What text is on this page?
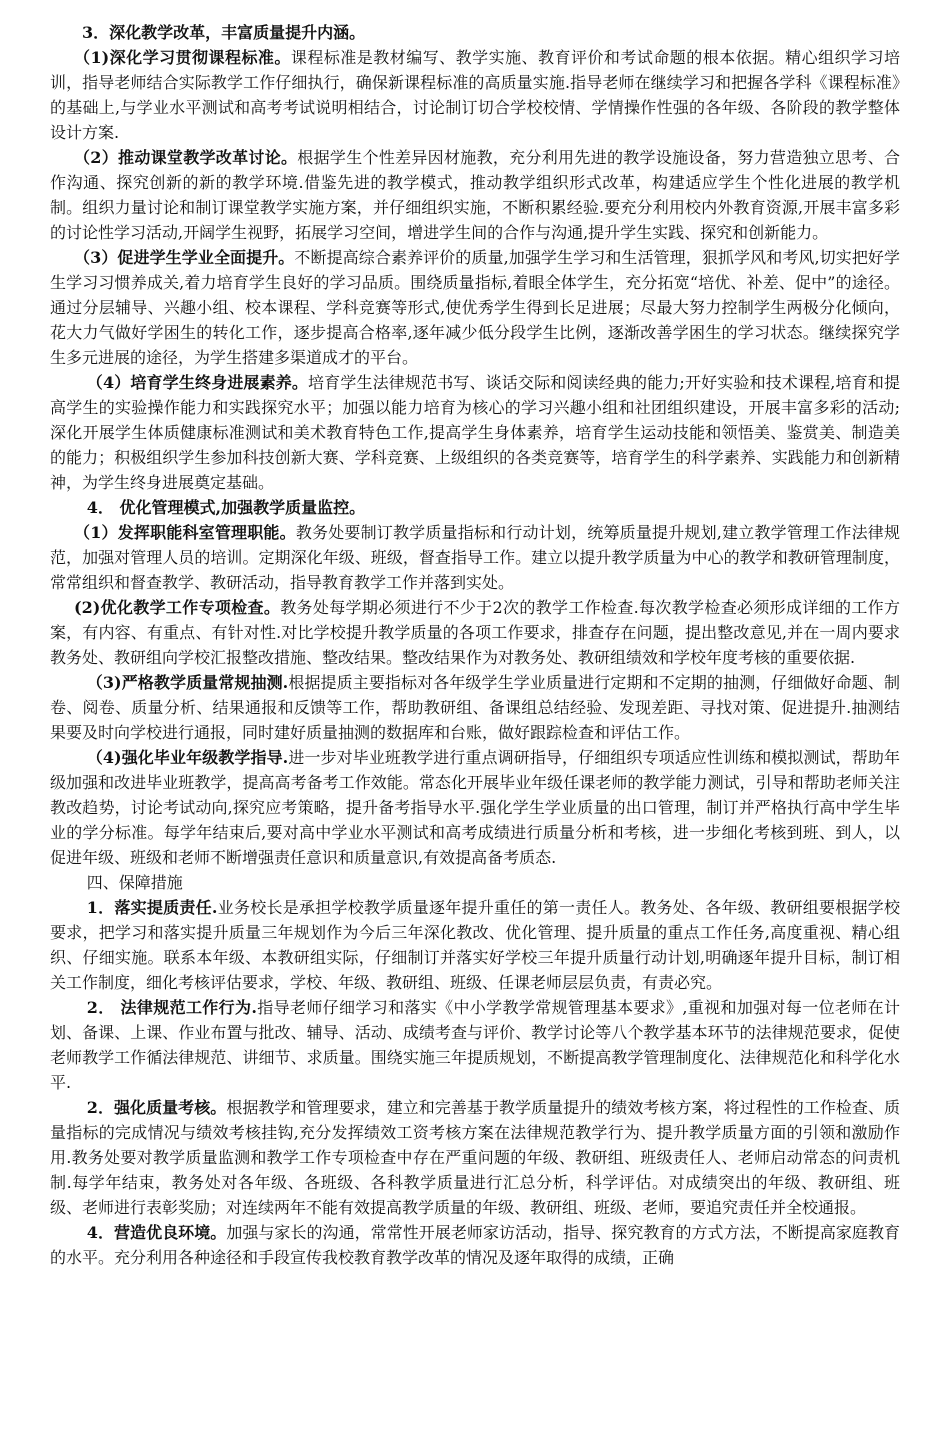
3．深化教学改革，丰富质量提升内涵。

（1)深化学习贯彻课程标准。课程标准是教材编写、教学实施、教育评价和考试命题的根本依据。精心组织学习培训，指导老师结合实际教学工作仔细执行，确保新课程标准的高质量实施.指导老师在继续学习和把握各学科《课程标准》的基础上,与学业水平测试和高考考试说明相结合，讨论制订切合学校校情、学情操作性强的各年级、各阶段的教学整体设计方案.

（2）推动课堂教学改革讨论。根据学生个性差异因材施教，充分利用先进的教学设施设备，努力营造独立思考、合作沟通、探究创新的新的教学环境.借鉴先进的教学模式，推动教学组织形式改革，构建适应学生个性化进展的教学机制。组织力量讨论和制订课堂教学实施方案，并仔细组织实施，不断积累经验.要充分利用校内外教育资源,开展丰富多彩的讨论性学习活动,开阔学生视野，拓展学习空间，增进学生间的合作与沟通,提升学生实践、探究和创新能力。

（3）促进学生学业全面提升。不断提高综合素养评价的质量,加强学生学习和生活管理，狠抓学风和考风,切实把好学生学习习惯养成关,着力培育学生良好的学习品质。围绕质量指标,着眼全体学生，充分拓宽“培优、补差、促中”的途径。通过分层辅导、兴趣小组、校本课程、学科竞赛等形式,使优秀学生得到长足进展；尽最大努力控制学生两极分化倾向，花大力气做好学困生的转化工作，逐步提高合格率,逐年减少低分段学生比例，逐渐改善学困生的学习状态。继续探究学生多元进展的途径，为学生搭建多渠道成才的平台。

（4）培育学生终身进展素养。培育学生法律规范书写、谈话交际和阅读经典的能力;开好实验和技术课程,培育和提高学生的实验操作能力和实践探究水平；加强以能力培育为核心的学习兴趣小组和社团组织建设，开展丰富多彩的活动;深化开展学生体质健康标准测试和美术教育特色工作,提高学生身体素养，培育学生运动技能和领悟美、鉴赏美、制造美的能力；积极组织学生参加科技创新大赛、学科竞赛、上级组织的各类竞赛等，培育学生的科学素养、实践能力和创新精神，为学生终身进展奠定基础。

4． 优化管理模式,加强教学质量监控。

（1）发挥职能科室管理职能。教务处要制订教学质量指标和行动计划，统筹质量提升规划,建立教学管理工作法律规范，加强对管理人员的培训。定期深化年级、班级，督查指导工作。建立以提升教学质量为中心的教学和教研管理制度，常常组织和督查教学、教研活动，指导教育教学工作并落到实处。

(2)优化教学工作专项检查。教务处每学期必须进行不少于2次的教学工作检查.每次教学检查必须形成详细的工作方案，有内容、有重点、有针对性.对比学校提升教学质量的各项工作要求，排查存在问题，提出整改意见,并在一周内要求教务处、教研组向学校汇报整改措施、整改结果。整改结果作为对教务处、教研组绩效和学校年度考核的重要依据.

（3)严格教学质量常规抽测.根据提质主要指标对各年级学生学业质量进行定期和不定期的抽测，仔细做好命题、制卷、阅卷、质量分析、结果通报和反馈等工作，帮助教研组、备课组总结经验、发现差距、寻找对策、促进提升.抽测结果要及时向学校进行通报，同时建好质量抽测的数据库和台账，做好跟踪检查和评估工作。

（4)强化毕业年级教学指导.进一步对毕业班教学进行重点调研指导，仔细组织专项适应性训练和模拟测试，帮助年级加强和改进毕业班教学，提高高考备考工作效能。常态化开展毕业年级任课老师的教学能力测试，引导和帮助老师关注教改趋势，讨论考试动向,探究应考策略，提升备考指导水平.强化学生学业质量的出口管理，制订并严格执行高中学生毕业的学分标准。每学年结束后,要对高中学业水平测试和高考成绩进行质量分析和考核，进一步细化考核到班、到人，以促进年级、班级和老师不断增强责任意识和质量意识,有效提高备考质态.

四、保障措施

1．落实提质责任.业务校长是承担学校教学质量逐年提升重任的第一责任人。教务处、各年级、教研组要根据学校要求，把学习和落实提升质量三年规划作为今后三年深化教改、优化管理、提升质量的重点工作任务,高度重视、精心组织、仔细实施。联系本年级、本教研组实际，仔细制订并落实好学校三年提升质量行动计划,明确逐年提升目标，制订相关工作制度，细化考核评估要求，学校、年级、教研组、班级、任课老师层层负责，有责必究。

2． 法律规范工作行为.指导老师仔细学习和落实《中小学教学常规管理基本要求》,重视和加强对每一位老师在计划、备课、上课、作业布置与批改、辅导、活动、成绩考查与评价、教学讨论等八个教学基本环节的法律规范要求，促使老师教学工作循法律规范、讲细节、求质量。围绕实施三年提质规划，不断提高教学管理制度化、法律规范化和科学化水平.

2．强化质量考核。根据教学和管理要求，建立和完善基于教学质量提升的绩效考核方案，将过程性的工作检查、质量指标的完成情况与绩效考核挂钩,充分发挥绩效工资考核方案在法律规范教学行为、提升教学质量方面的引领和激励作用.教务处要对教学质量监测和教学工作专项检查中存在严重问题的年级、教研组、班级责任人、老师启动常态的问责机制.每学年结束，教务处对各年级、各班级、各科教学质量进行汇总分析，科学评估。对成绩突出的年级、教研组、班级、老师进行表彰奖励；对连续两年不能有效提高教学质量的年级、教研组、班级、老师，要追究责任并全校通报。

4．营造优良环境。加强与家长的沟通，常常性开展老师家访活动，指导、探究教育的方式方法，不断提高家庭教育的水平。充分利用各种途径和手段宣传我校教育教学改革的情况及逐年取得的成绩，正确
